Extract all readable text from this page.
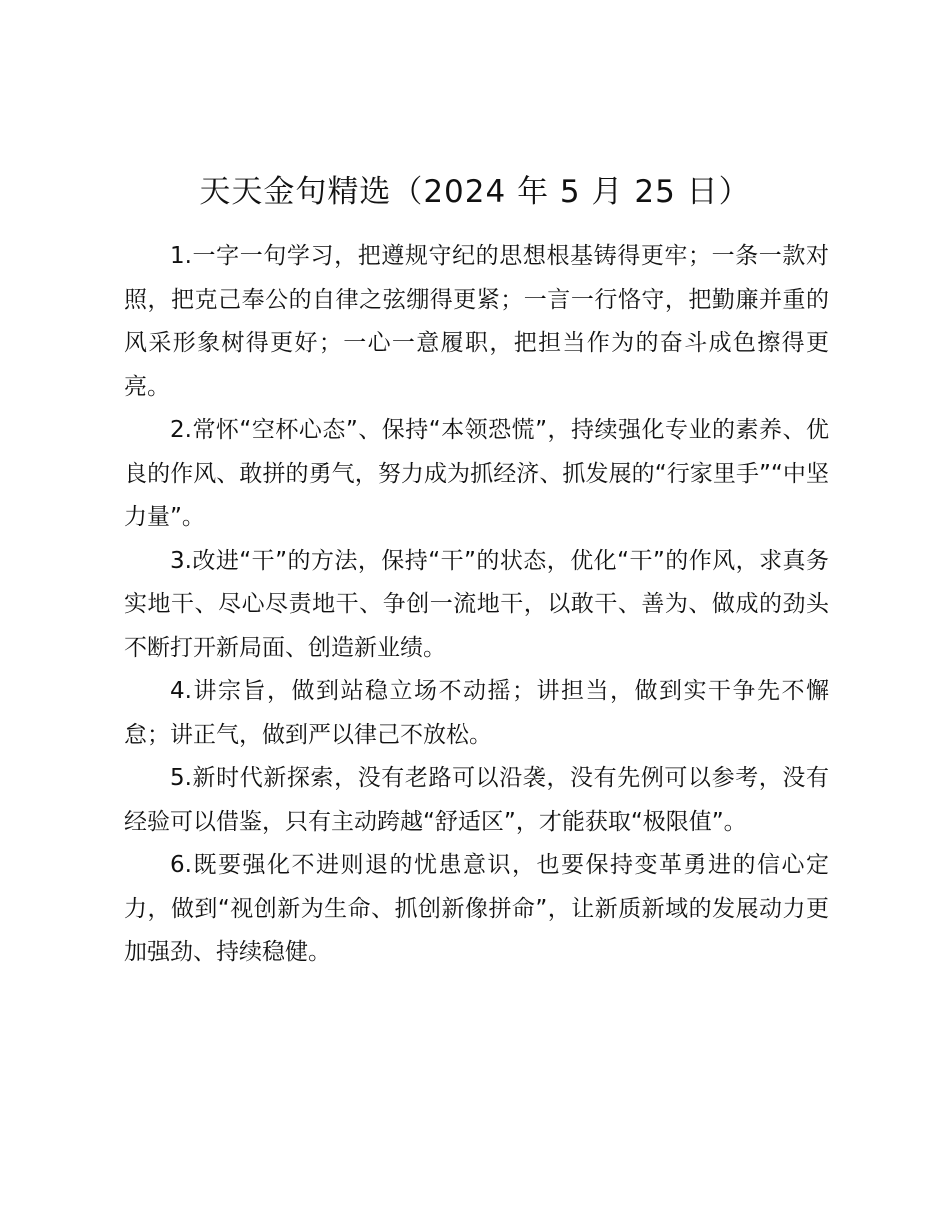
天天金句精选（2024 年 5 月 25 日）

1.一字一句学习，把遵规守纪的思想根基铸得更牢；一条一款对照，把克己奉公的自律之弦绷得更紧；一言一行恪守，把勤廉并重的风采形象树得更好；一心一意履职，把担当作为的奋斗成色擦得更亮。

2.常怀“空杯心态”、保持“本领恐慌”，持续强化专业的素养、优良的作风、敢拼的勇气，努力成为抓经济、抓发展的“行家里手”“中坚力量”。

3.改进“干”的方法，保持“干”的状态，优化“干”的作风，求真务实地干、尽心尽责地干、争创一流地干，以敢干、善为、做成的劲头不断打开新局面、创造新业绩。

4.讲宗旨，做到站稳立场不动摇；讲担当，做到实干争先不懈怠；讲正气，做到严以律己不放松。

5.新时代新探索，没有老路可以沿袭，没有先例可以参考，没有经验可以借鉴，只有主动跨越“舒适区”，才能获取“极限值”。

6.既要强化不进则退的忧患意识，也要保持变革勇进的信心定力，做到“视创新为生命、抓创新像拼命”，让新质新域的发展动力更加强劲、持续稳健。
